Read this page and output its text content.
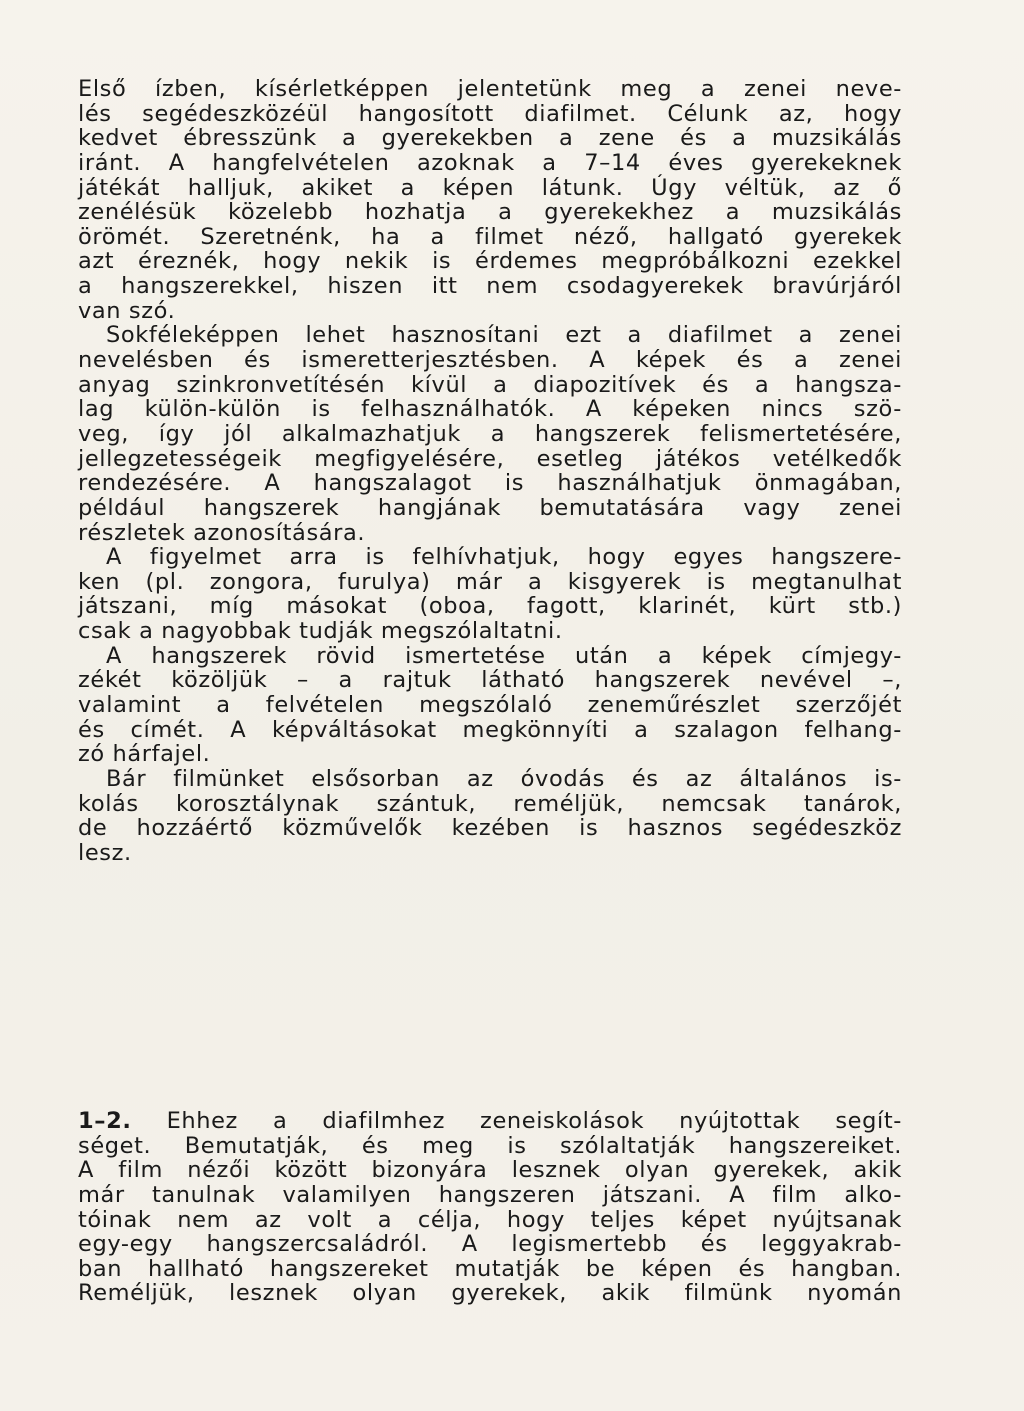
Első ízben, kísérletképpen jelentetünk meg a zenei neve-
lés segédeszközéül hangosított diafilmet. Célunk az, hogy
kedvet ébresszünk a gyerekekben a zene és a muzsikálás
iránt. A hangfelvételen azoknak a 7–14 éves gyerekeknek
játékát halljuk, akiket a képen látunk. Úgy véltük, az ő
zenélésük közelebb hozhatja a gyerekekhez a muzsikálás
örömét. Szeretnénk, ha a filmet néző, hallgató gyerekek
azt éreznék, hogy nekik is érdemes megpróbálkozni ezekkel
a hangszerekkel, hiszen itt nem csodagyerekek bravúrjáról
van szó.
Sokféleképpen lehet hasznosítani ezt a diafilmet a zenei
nevelésben és ismeretterjesztésben. A képek és a zenei
anyag szinkronvetítésén kívül a diapozitívek és a hangsza-
lag külön-külön is felhasználhatók. A képeken nincs szö-
veg, így jól alkalmazhatjuk a hangszerek felismertetésére,
jellegzetességeik megfigyelésére, esetleg játékos vetélkedők
rendezésére. A hangszalagot is használhatjuk önmagában,
például hangszerek hangjának bemutatására vagy zenei
részletek azonosítására.
A figyelmet arra is felhívhatjuk, hogy egyes hangszere-
ken (pl. zongora, furulya) már a kisgyerek is megtanulhat
játszani, míg másokat (oboa, fagott, klarinét, kürt stb.)
csak a nagyobbak tudják megszólaltatni.
A hangszerek rövid ismertetése után a képek címjegy-
zékét közöljük – a rajtuk látható hangszerek nevével –,
valamint a felvételen megszólaló zeneműrészlet szerzőjét
és címét. A képváltásokat megkönnyíti a szalagon felhang-
zó hárfajel.
Bár filmünket elsősorban az óvodás és az általános is-
kolás korosztálynak szántuk, reméljük, nemcsak tanárok,
de hozzáértő közművelők kezében is hasznos segédeszköz
lesz.
1–2. Ehhez a diafilmhez zeneiskolások nyújtottak segít-
séget. Bemutatják, és meg is szólaltatják hangszereiket.
A film nézői között bizonyára lesznek olyan gyerekek, akik
már tanulnak valamilyen hangszeren játszani. A film alko-
tóinak nem az volt a célja, hogy teljes képet nyújtsanak
egy-egy hangszercsaládról. A legismertebb és leggyakrab-
ban hallható hangszereket mutatják be képen és hangban.
Reméljük, lesznek olyan gyerekek, akik filmünk nyomán
